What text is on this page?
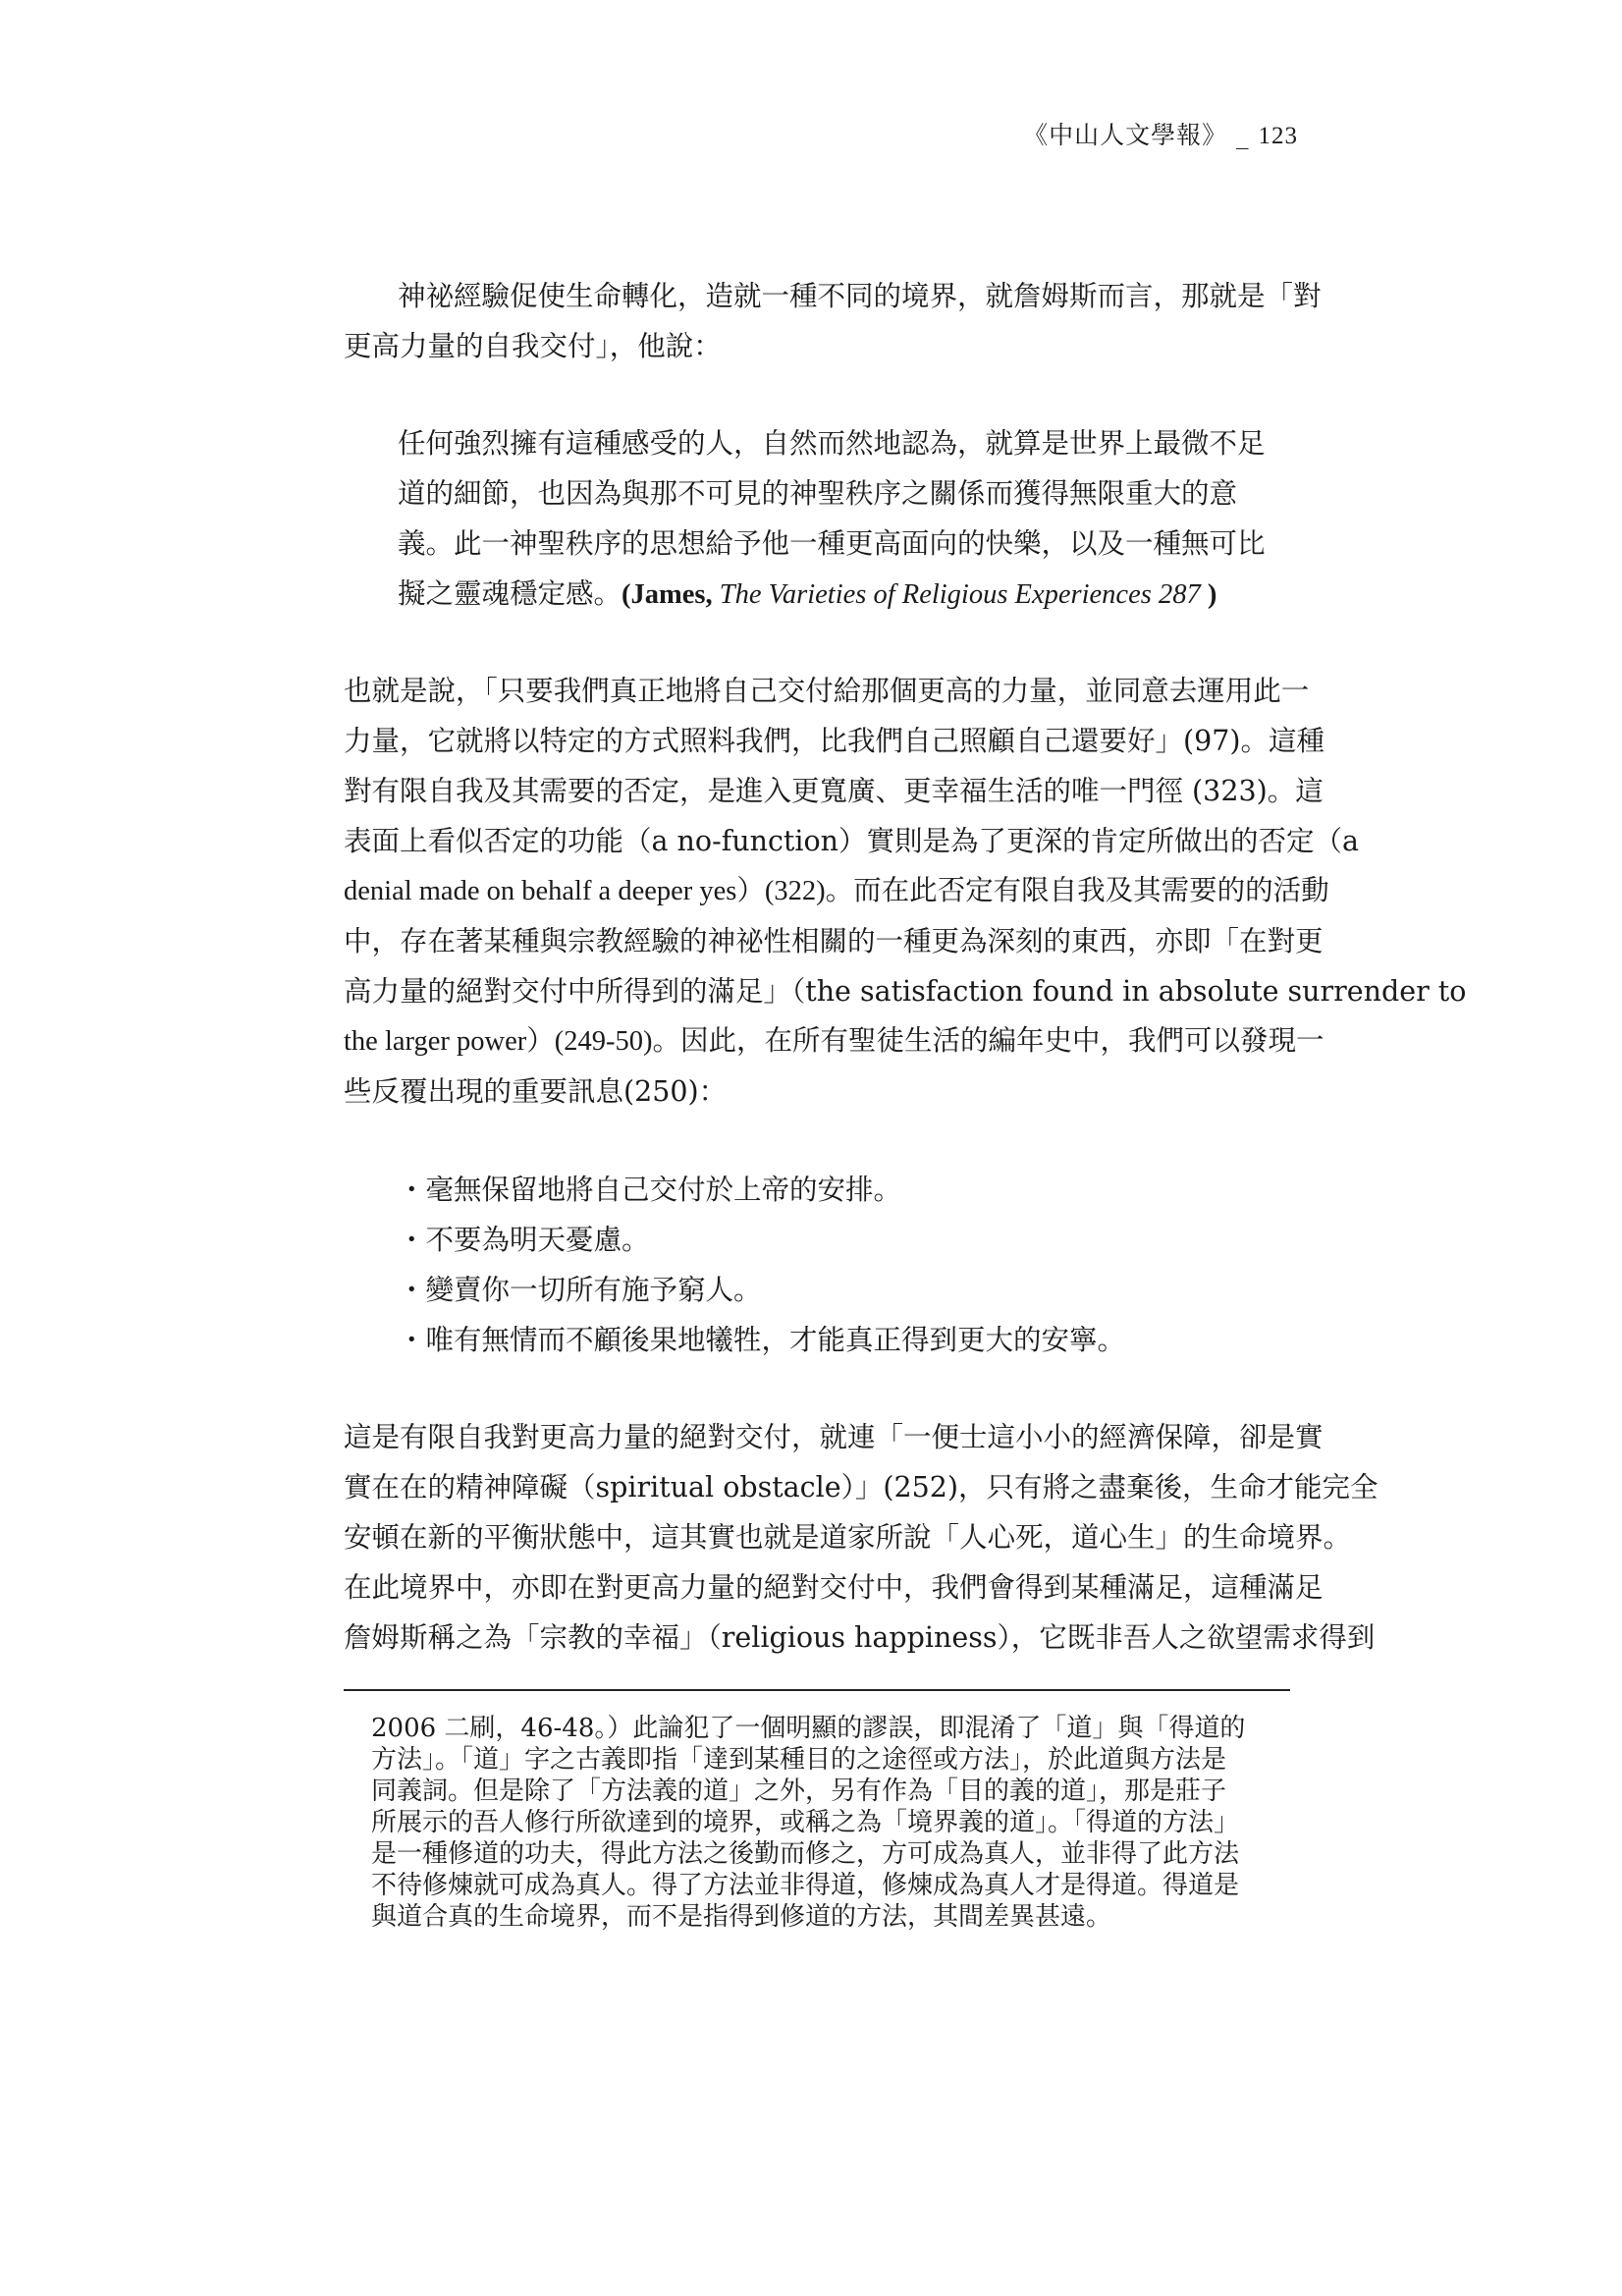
《中山人文學報》 _ 123
神祕經驗促使生命轉化，造就一種不同的境界，就詹姆斯而言，那就是「對
更高力量的自我交付」，他說：
任何強烈擁有這種感受的人，自然而然地認為，就算是世界上最微不足
道的細節，也因為與那不可見的神聖秩序之關係而獲得無限重大的意
義。此一神聖秩序的思想給予他一種更高面向的快樂，以及一種無可比
擬之靈魂穩定感。(James, The Varieties of Religious Experiences 287 )
也就是說，「只要我們真正地將自己交付給那個更高的力量，並同意去運用此一
力量，它就將以特定的方式照料我們，比我們自己照顧自己還要好」(97)。這種
對有限自我及其需要的否定，是進入更寬廣、更幸福生活的唯一門徑 (323)。這
表面上看似否定的功能（a no-function）實則是為了更深的肯定所做出的否定（a
denial made on behalf a deeper yes）(322)。而在此否定有限自我及其需要的的活動
中，存在著某種與宗教經驗的神祕性相關的一種更為深刻的東西，亦即「在對更
高力量的絕對交付中所得到的滿足」（the satisfaction found in absolute surrender to
the larger power）(249-50)。因此，在所有聖徒生活的編年史中，我們可以發現一
些反覆出現的重要訊息(250)：
・毫無保留地將自己交付於上帝的安排。
・不要為明天憂慮。
・變賣你一切所有施予窮人。
・唯有無情而不顧後果地犧牲，才能真正得到更大的安寧。
這是有限自我對更高力量的絕對交付，就連「一便士這小小的經濟保障，卻是實
實在在的精神障礙（spiritual obstacle）」(252)，只有將之盡棄後，生命才能完全
安頓在新的平衡狀態中，這其實也就是道家所說「人心死，道心生」的生命境界。
在此境界中，亦即在對更高力量的絕對交付中，我們會得到某種滿足，這種滿足
詹姆斯稱之為「宗教的幸福」（religious happiness），它既非吾人之欲望需求得到
2006 二刷，46-48。）此論犯了一個明顯的謬誤，即混淆了「道」與「得道的
方法」。「道」字之古義即指「達到某種目的之途徑或方法」，於此道與方法是
同義詞。但是除了「方法義的道」之外，另有作為「目的義的道」，那是莊子
所展示的吾人修行所欲達到的境界，或稱之為「境界義的道」。「得道的方法」
是一種修道的功夫，得此方法之後勤而修之，方可成為真人，並非得了此方法
不待修煉就可成為真人。得了方法並非得道，修煉成為真人才是得道。得道是
與道合真的生命境界，而不是指得到修道的方法，其間差異甚遠。
